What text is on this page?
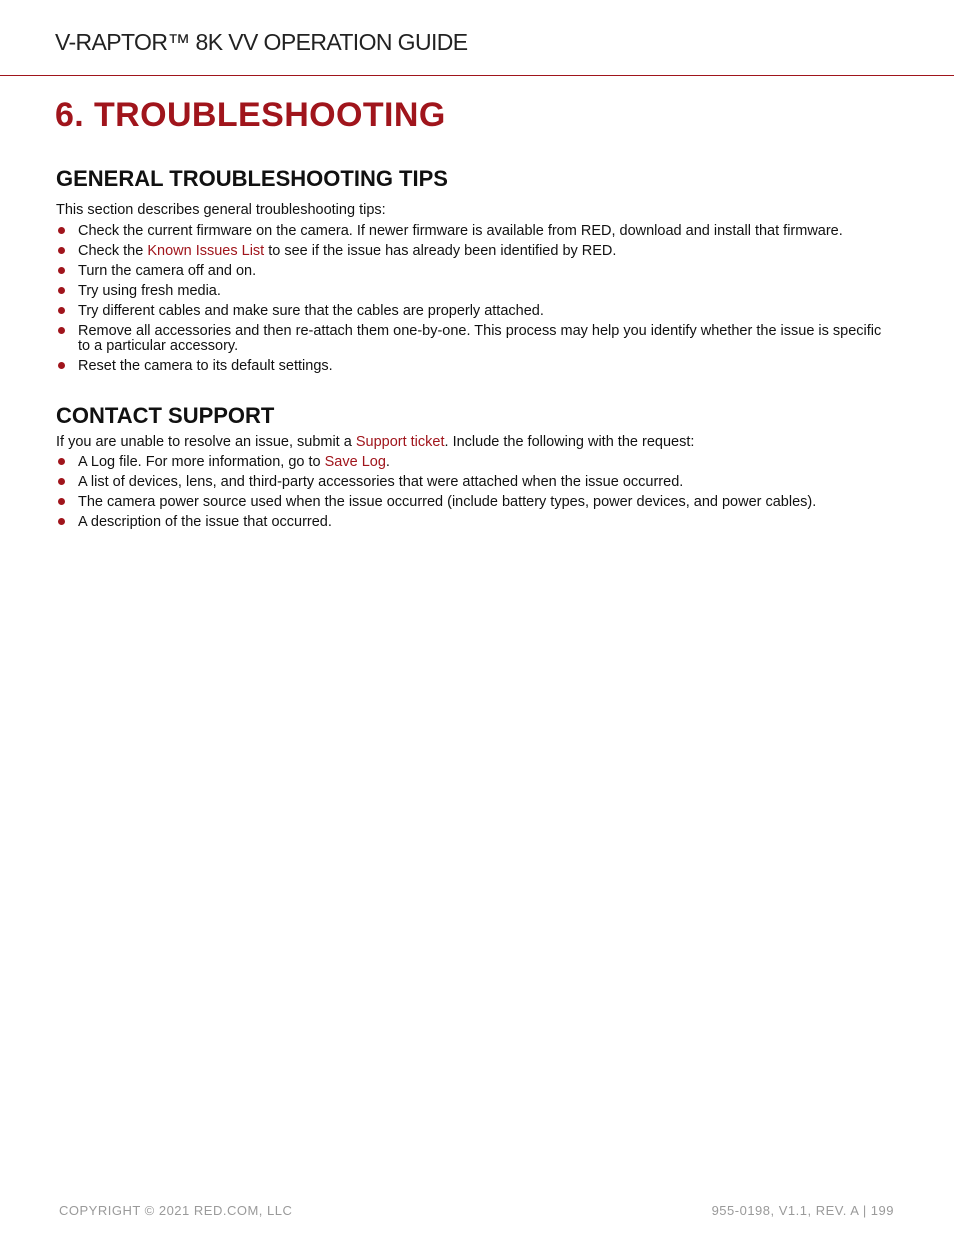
V-RAPTOR™ 8K VV OPERATION GUIDE
6. TROUBLESHOOTING
GENERAL TROUBLESHOOTING TIPS

This section describes general troubleshooting tips:

Check the current firmware on the camera. If newer firmware is available from RED, download and install that firmware.
Check the Known Issues List to see if the issue has already been identified by RED.
Turn the camera off and on.
Try using fresh media.
Try different cables and make sure that the cables are properly attached.
Remove all accessories and then re-attach them one-by-one. This process may help you identify whether the issue is specific to a particular accessory.
Reset the camera to its default settings.
CONTACT SUPPORT

If you are unable to resolve an issue, submit a Support ticket. Include the following with the request:

A Log file. For more information, go to Save Log.
A list of devices, lens, and third-party accessories that were attached when the issue occurred.
The camera power source used when the issue occurred (include battery types, power devices, and power cables).
A description of the issue that occurred.
COPYRIGHT © 2021 RED.COM, LLC	955-0198, V1.1, REV. A | 199
